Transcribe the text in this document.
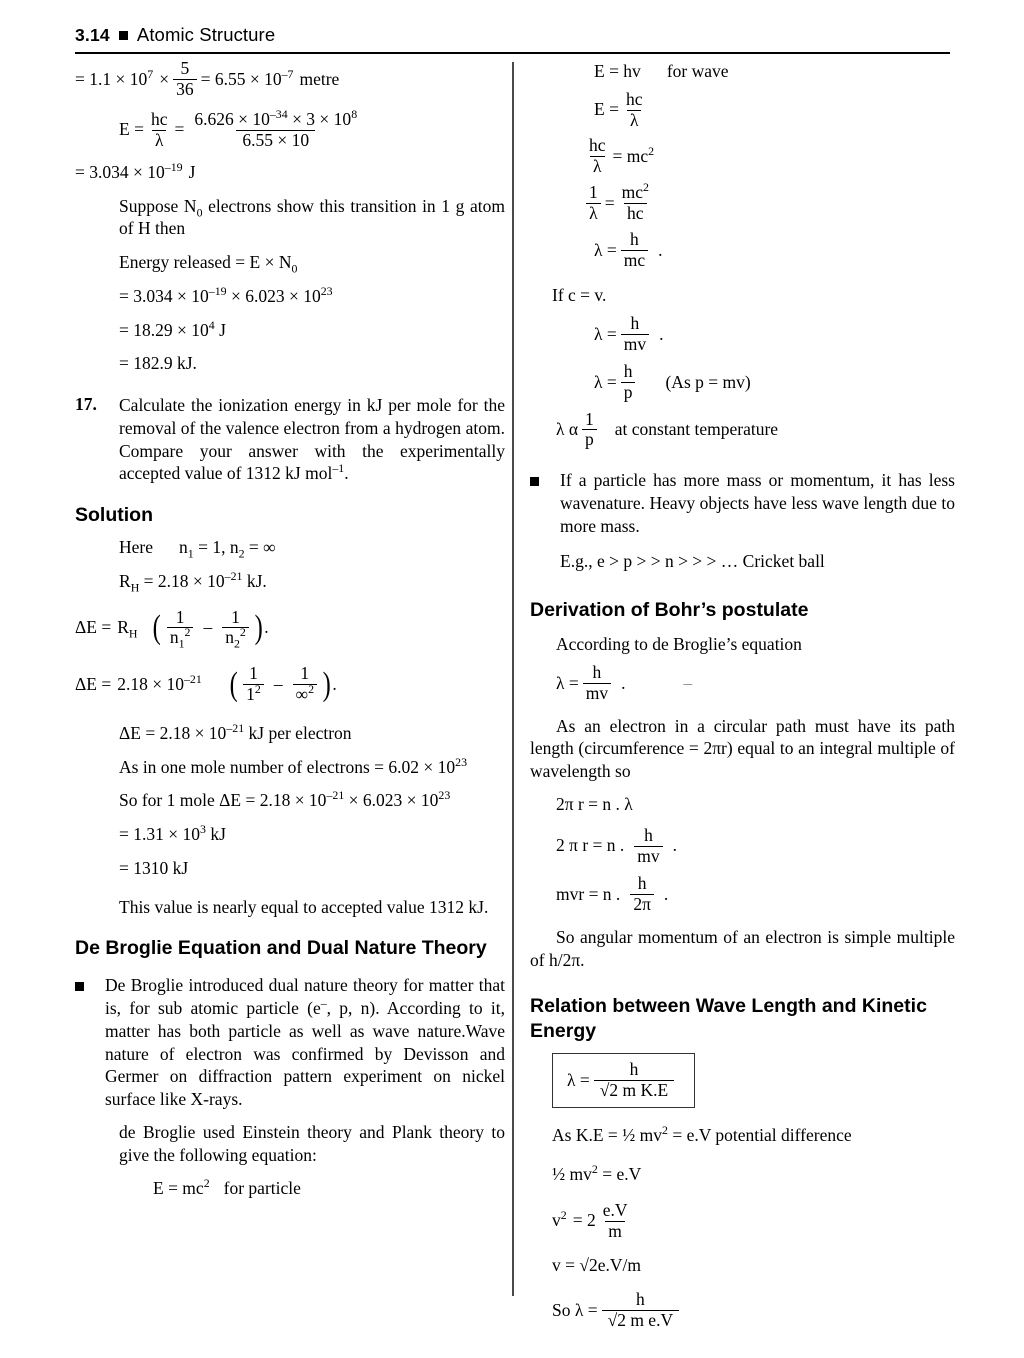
3.14 Atomic Structure
= $1.1 \times 10^7 \times \frac{5}{36} = 6.55 \times 10^{-7}$ metre
$E = \frac{hc}{\lambda} = \frac{6.626 \times 10^{-34} \times 3 \times 10^8}{6.55 \times 10}$
= $3.034 \times 10^{-19}$ J

Suppose $N_0$ electrons show this transition in 1 g atom of H then

Energy released = $E \times N_0$

= $3.034 \times 10^{-19} \times 6.023 \times 10^{23}$

= $18.29 \times 10^4$ J

= 182.9 kJ.

17.	Calculate the ionization energy in kJ per mole for the removal of the valence electron from a hydrogen atom. Compare your answer with the experimentally accepted value of 1312 kJ mol$^{-1}$.
Solution

Here $n_1 = 1$, $n_2$ = ∞

$R_H = 2.18 \times 10^{-21}$ kJ.

$\Delta E = R_H$ ( $\frac{1}{n_1^2} - \frac{1}{n_2^2}$ ) .
$\Delta E = 2.18 \times 10^{-21}$ ( $\frac{1}{1^2} - \frac{1}{\infty^2}$ ) .

$\Delta E = 2.18 \times 10^{-21}$ kJ per electron

As in one mole number of electrons = $6.02 \times 10^{23}$

So for 1 mole $\Delta E = 2.18 \times 10^{-21} \times 6.023 \times 10^{23}$

= $1.31 \times 10^3$ kJ

= 1310 kJ

This value is nearly equal to accepted value 1312 kJ.

De Broglie Equation and Dual Nature Theory
De Broglie introduced dual nature theory for matter that is, for sub atomic particle (e–, p, n). According to it, matter has both particle as well as wave nature.Wave nature of electron was confirmed by Devisson and Germer on diffraction pattern experiment on nickel surface like X-rays.

de Broglie used Einstein theory and Plank theory to give the following equation:

$E = mc^2$ for particle

E = hv for wave

$E = \frac{hc}{\lambda}$
$\frac{hc}{\lambda} = mc^2$
$\frac{1}{\lambda} = \frac{mc^2}{hc}$
$\lambda = \frac{h}{mc}$ .

If c = v.

$\lambda = \frac{h}{mv}$ .
$\lambda = \frac{h}{p} (As$ p = mv)
λ α $\frac{1}{p}$ at constant temperature
If a particle has more mass or momentum, it has less wavenature. Heavy objects have less wave length due to more mass.

E.g., e > p > > n > > > … Cricket ball

Derivation of Bohr’s postulate

According to de Broglie’s equation

$\lambda = \frac{h}{mv}$ .	–

As an electron in a circular path must have its path length (circumference = 2πr) equal to an integral multiple of wavelength so

2π r = n . λ

2 π r = n . $\frac{h}{mv}$ .
mvr = n . $\frac{h}{2\pi}$ .

So angular momentum of an electron is simple multiple of h/2π.

Relation between Wave Length and Kinetic Energy
$\lambda = \frac{h}{\text{√2 m K.E}}$

As K.E = ½ $mv^2 = e.V$ potential difference

½ $mv^2 = e.V$

$v^2 = 2 \frac{e.V}{m}$

v = √2e.V/m

So $\lambda = \frac{h}{\text{√2 m e.V}}$
